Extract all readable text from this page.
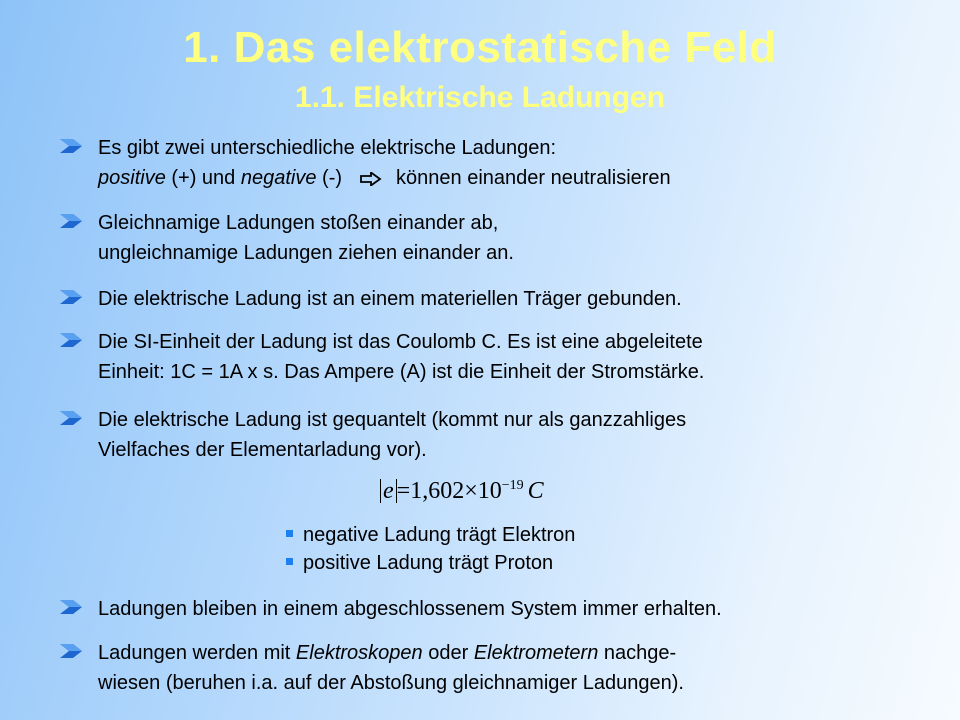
1. Das elektrostatische Feld
1.1. Elektrische Ladungen
Es gibt zwei unterschiedliche elektrische Ladungen:
positive (+) und negative (-)	können einander neutralisieren
Gleichnamige Ladungen stoßen einander ab,
ungleichnamige Ladungen ziehen einander an.
Die elektrische Ladung ist an einem materiellen Träger gebunden.
Die SI-Einheit der Ladung ist das Coulomb C. Es ist eine abgeleitete
Einheit: 1C = 1A x s. Das Ampere (A) ist die Einheit der Stromstärke.
Die elektrische Ladung ist gequantelt (kommt nur als ganzzahliges
Vielfaches der Elementarladung vor).
$e =1,602\times 10^{-19}$ C
negative Ladung trägt Elektron
positive Ladung trägt Proton
Ladungen bleiben in einem abgeschlossenem System immer erhalten.
Ladungen werden mit Elektroskopen oder Elektrometern nachge-
wiesen (beruhen i.a. auf der Abstoßung gleichnamiger Ladungen).
